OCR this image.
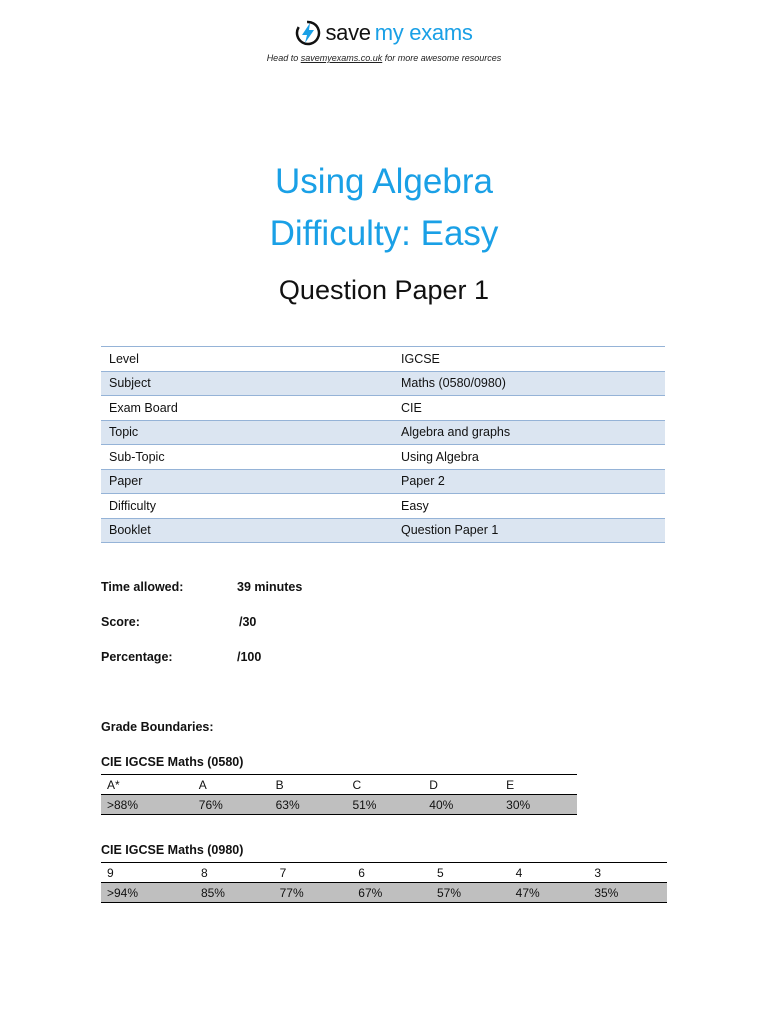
save my exams
Head to savemyexams.co.uk for more awesome resources
Using Algebra
Difficulty: Easy
Question Paper 1
Level	IGCSE
Subject	Maths (0580/0980)
Exam Board	CIE
Topic	Algebra and graphs
Sub-Topic	Using Algebra
Paper	Paper 2
Difficulty	Easy
Booklet	Question Paper 1
Time allowed:	39 minutes
Score:	/30
Percentage:	/100
Grade Boundaries:
CIE IGCSE Maths (0580)
A*	A	B	C	D	E
>88%	76%	63%	51%	40%	30%
CIE IGCSE Maths (0980)
9	8	7	6	5	4	3
>94%	85%	77%	67%	57%	47%	35%
